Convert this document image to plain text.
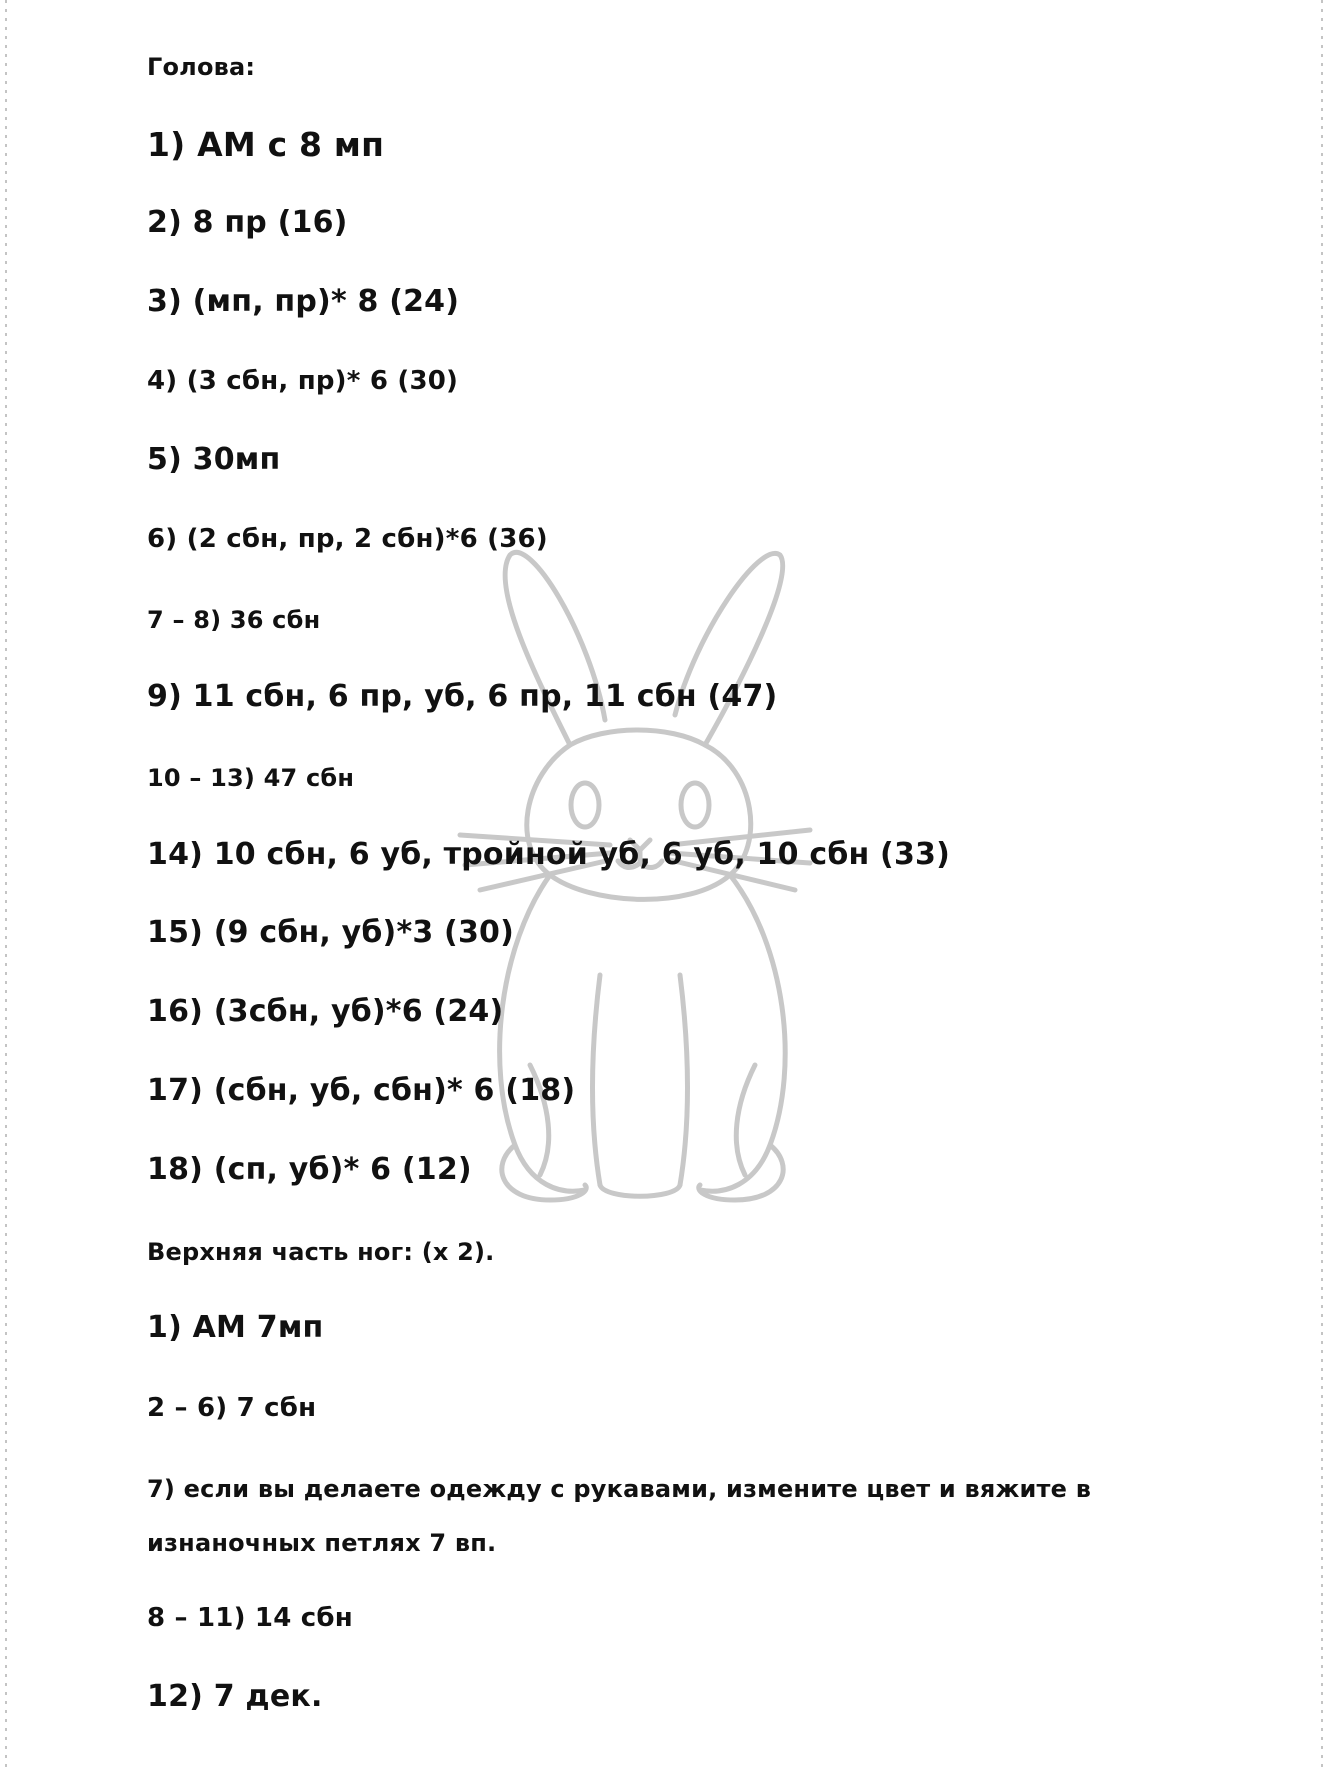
Голова:
1) АМ с 8 мп
2) 8 пр (16)
3) (мп, пр)* 8 (24)
4) (3 сбн, пр)* 6 (30)
5) 30мп
6) (2 сбн, пр, 2 сбн)*6 (36)
7 – 8) 36 сбн
9) 11 сбн, 6 пр, уб, 6 пр, 11 сбн (47)
10 – 13) 47 сбн
14) 10 сбн, 6 уб, тройной уб, 6 уб, 10 сбн (33)
15) (9 сбн, уб)*3 (30)
16) (3сбн, уб)*6 (24)
17) (сбн, уб, сбн)* 6 (18)
18) (сп, уб)* 6 (12)
Верхняя часть ног: (х 2).
1) АМ 7мп
2 – 6) 7 сбн
7) если вы делаете одежду с рукавами, измените цвет и вяжите в
изнаночных петлях 7 вп.
8 – 11) 14 сбн
12) 7 дек.
